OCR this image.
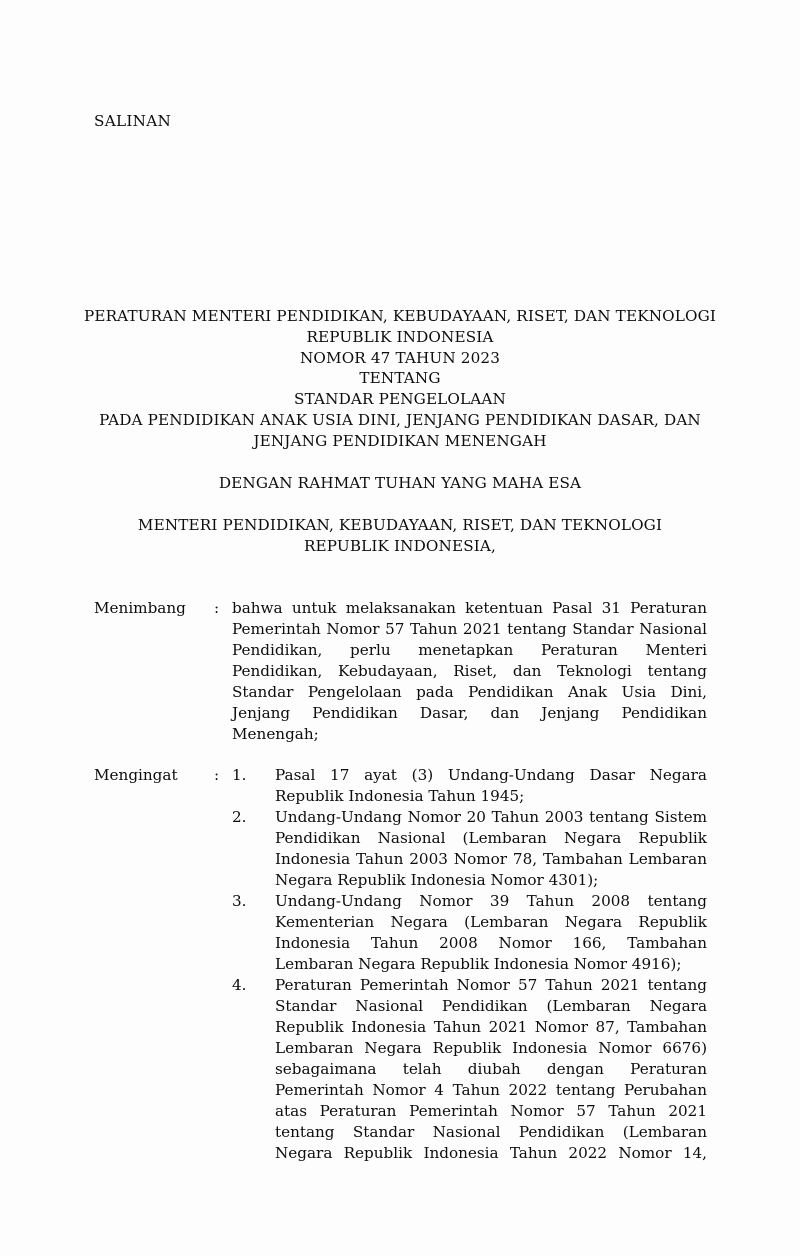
SALINAN
PERATURAN MENTERI PENDIDIKAN, KEBUDAYAAN, RISET, DAN TEKNOLOGI
REPUBLIK INDONESIA
NOMOR 47 TAHUN 2023
TENTANG
STANDAR PENGELOLAAN
PADA PENDIDIKAN ANAK USIA DINI, JENJANG PENDIDIKAN DASAR, DAN
JENJANG PENDIDIKAN MENENGAH
DENGAN RAHMAT TUHAN YANG MAHA ESA
MENTERI PENDIDIKAN, KEBUDAYAAN, RISET, DAN TEKNOLOGI
REPUBLIK INDONESIA,
Menimbang	: bahwa untuk melaksanakan ketentuan Pasal 31 Peraturan Pemerintah Nomor 57 Tahun 2021 tentang Standar Nasional Pendidikan, perlu menetapkan Peraturan Menteri Pendidikan, Kebudayaan, Riset, dan Teknologi tentang Standar Pengelolaan pada Pendidikan Anak Usia Dini, Jenjang Pendidikan Dasar, dan Jenjang Pendidikan Menengah;
Mengingat	: 1.	Pasal 17 ayat (3) Undang-Undang Dasar Negara Republik Indonesia Tahun 1945;
2.	Undang-Undang Nomor 20 Tahun 2003 tentang Sistem Pendidikan Nasional (Lembaran Negara Republik Indonesia Tahun 2003 Nomor 78, Tambahan Lembaran Negara Republik Indonesia Nomor 4301);
3.	Undang-Undang Nomor 39 Tahun 2008 tentang Kementerian Negara (Lembaran Negara Republik Indonesia Tahun 2008 Nomor 166, Tambahan Lembaran Negara Republik Indonesia Nomor 4916);
4.	Peraturan Pemerintah Nomor 57 Tahun 2021 tentang Standar Nasional Pendidikan (Lembaran Negara Republik Indonesia Tahun 2021 Nomor 87, Tambahan Lembaran Negara Republik Indonesia Nomor 6676) sebagaimana telah diubah dengan Peraturan Pemerintah Nomor 4 Tahun 2022 tentang Perubahan atas Peraturan Pemerintah Nomor 57 Tahun 2021 tentang Standar Nasional Pendidikan (Lembaran Negara Republik Indonesia Tahun 2022 Nomor 14,
